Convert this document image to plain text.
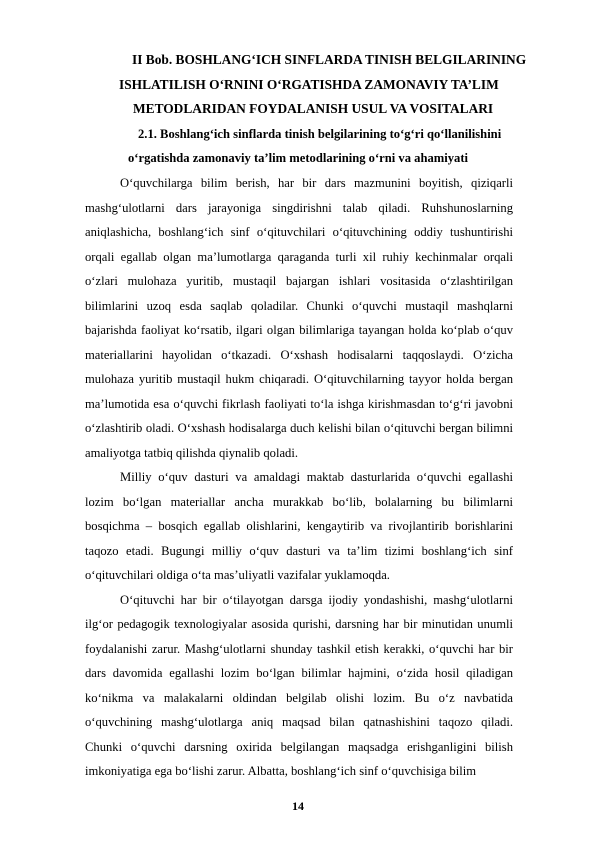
II Bob. BOSHLANG‘ICH SINFLARDA TINISH BELGILARINING
ISHLATILISH O‘RNINI O‘RGATISHDA ZAMONAVIY TA’LIM
METODLARIDAN FOYDALANISH USUL VA VOSITALARI
2.1. Boshlang‘ich sinflarda tinish belgilarining to‘g‘ri qo‘llanilishini
o‘rgatishda zamonaviy ta’lim metodlarining o‘rni va ahamiyati

O‘quvchilarga bilim berish, har bir dars mazmunini boyitish, qiziqarli mashg‘ulotlarni dars jarayoniga singdirishni talab qiladi. Ruhshunoslarning aniqlashicha, boshlang‘ich sinf o‘qituvchilari o‘qituvchining oddiy tushuntirishi orqali egallab olgan ma’lumotlarga qaraganda turli xil ruhiy kechinmalar orqali o‘zlari mulohaza yuritib, mustaqil bajargan ishlari vositasida o‘zlashtirilgan bilimlarini uzoq esda saqlab qoladilar. Chunki o‘quvchi mustaqil mashqlarni bajarishda faoliyat ko‘rsatib, ilgari olgan bilimlariga tayangan holda ko‘plab o‘quv materiallarini hayolidan o‘tkazadi. O‘xshash hodisalarni taqqoslaydi. O‘zicha mulohaza yuritib mustaqil hukm chiqaradi. O‘qituvchilarning tayyor holda bergan ma’lumotida esa o‘quvchi fikrlash faoliyati to‘la ishga kirishmasdan to‘g‘ri javobni o‘zlashtirib oladi. O‘xshash hodisalarga duch kelishi bilan o‘qituvchi bergan bilimni amaliyotga tatbiq qilishda qiynalib qoladi.

Milliy o‘quv dasturi va amaldagi maktab dasturlarida o‘quvchi egallashi lozim bo‘lgan materiallar ancha murakkab bo‘lib, bolalarning bu bilimlarni bosqichma – bosqich egallab olishlarini, kengaytirib va rivojlantirib borishlarini taqozo etadi. Bugungi milliy o‘quv dasturi va ta’lim tizimi boshlang‘ich sinf o‘qituvchilari oldiga o‘ta mas’uliyatli vazifalar yuklamoqda.

O‘qituvchi har bir o‘tilayotgan darsga ijodiy yondashishi, mashg‘ulotlarni ilg‘or pedagogik texnologiyalar asosida qurishi, darsning har bir minutidan unumli foydalanishi zarur. Mashg‘ulotlarni shunday tashkil etish kerakki, o‘quvchi har bir dars davomida egallashi lozim bo‘lgan bilimlar hajmini, o‘zida hosil qiladigan ko‘nikma va malakalarni oldindan belgilab olishi lozim. Bu o‘z navbatida o‘quvchining mashg‘ulotlarga aniq maqsad bilan qatnashishini taqozo qiladi. Chunki o‘quvchi darsning oxirida belgilangan maqsadga erishganligini bilish imkoniyatiga ega bo‘lishi zarur. Albatta, boshlang‘ich sinf o‘quvchisiga bilim

14
